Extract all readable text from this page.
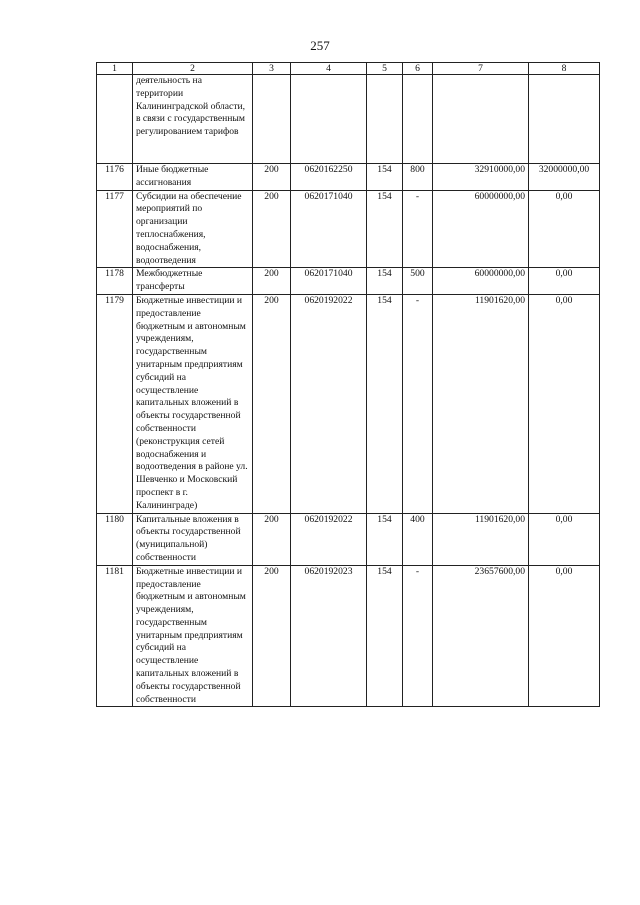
257
1	2	3	4	5	6	7	8
	деятельность на территории Калининградской области, в связи с государственным регулированием тарифов						
1176	Иные бюджетные ассигнования	200	0620162250	154	800	32910000,00	32000000,00
1177	Субсидии на обеспечение мероприятий по организации теплоснабжения, водоснабжения, водоотведения	200	0620171040	154	-	60000000,00	0,00
1178	Межбюджетные трансферты	200	0620171040	154	500	60000000,00	0,00
1179	Бюджетные инвестиции и предоставление бюджетным и автономным учреждениям, государственным унитарным предприятиям субсидий на осуществление капитальных вложений в объекты государственной собственности (реконструкция сетей водоснабжения и водоотведения в районе ул. Шевченко и Московский проспект в г. Калининграде)	200	0620192022	154	-	11901620,00	0,00
1180	Капитальные вложения в объекты государственной (муниципальной) собственности	200	0620192022	154	400	11901620,00	0,00
1181	Бюджетные инвестиции и предоставление бюджетным и автономным учреждениям, государственным унитарным предприятиям субсидий на осуществление капитальных вложений в объекты государственной собственности	200	0620192023	154	-	23657600,00	0,00
